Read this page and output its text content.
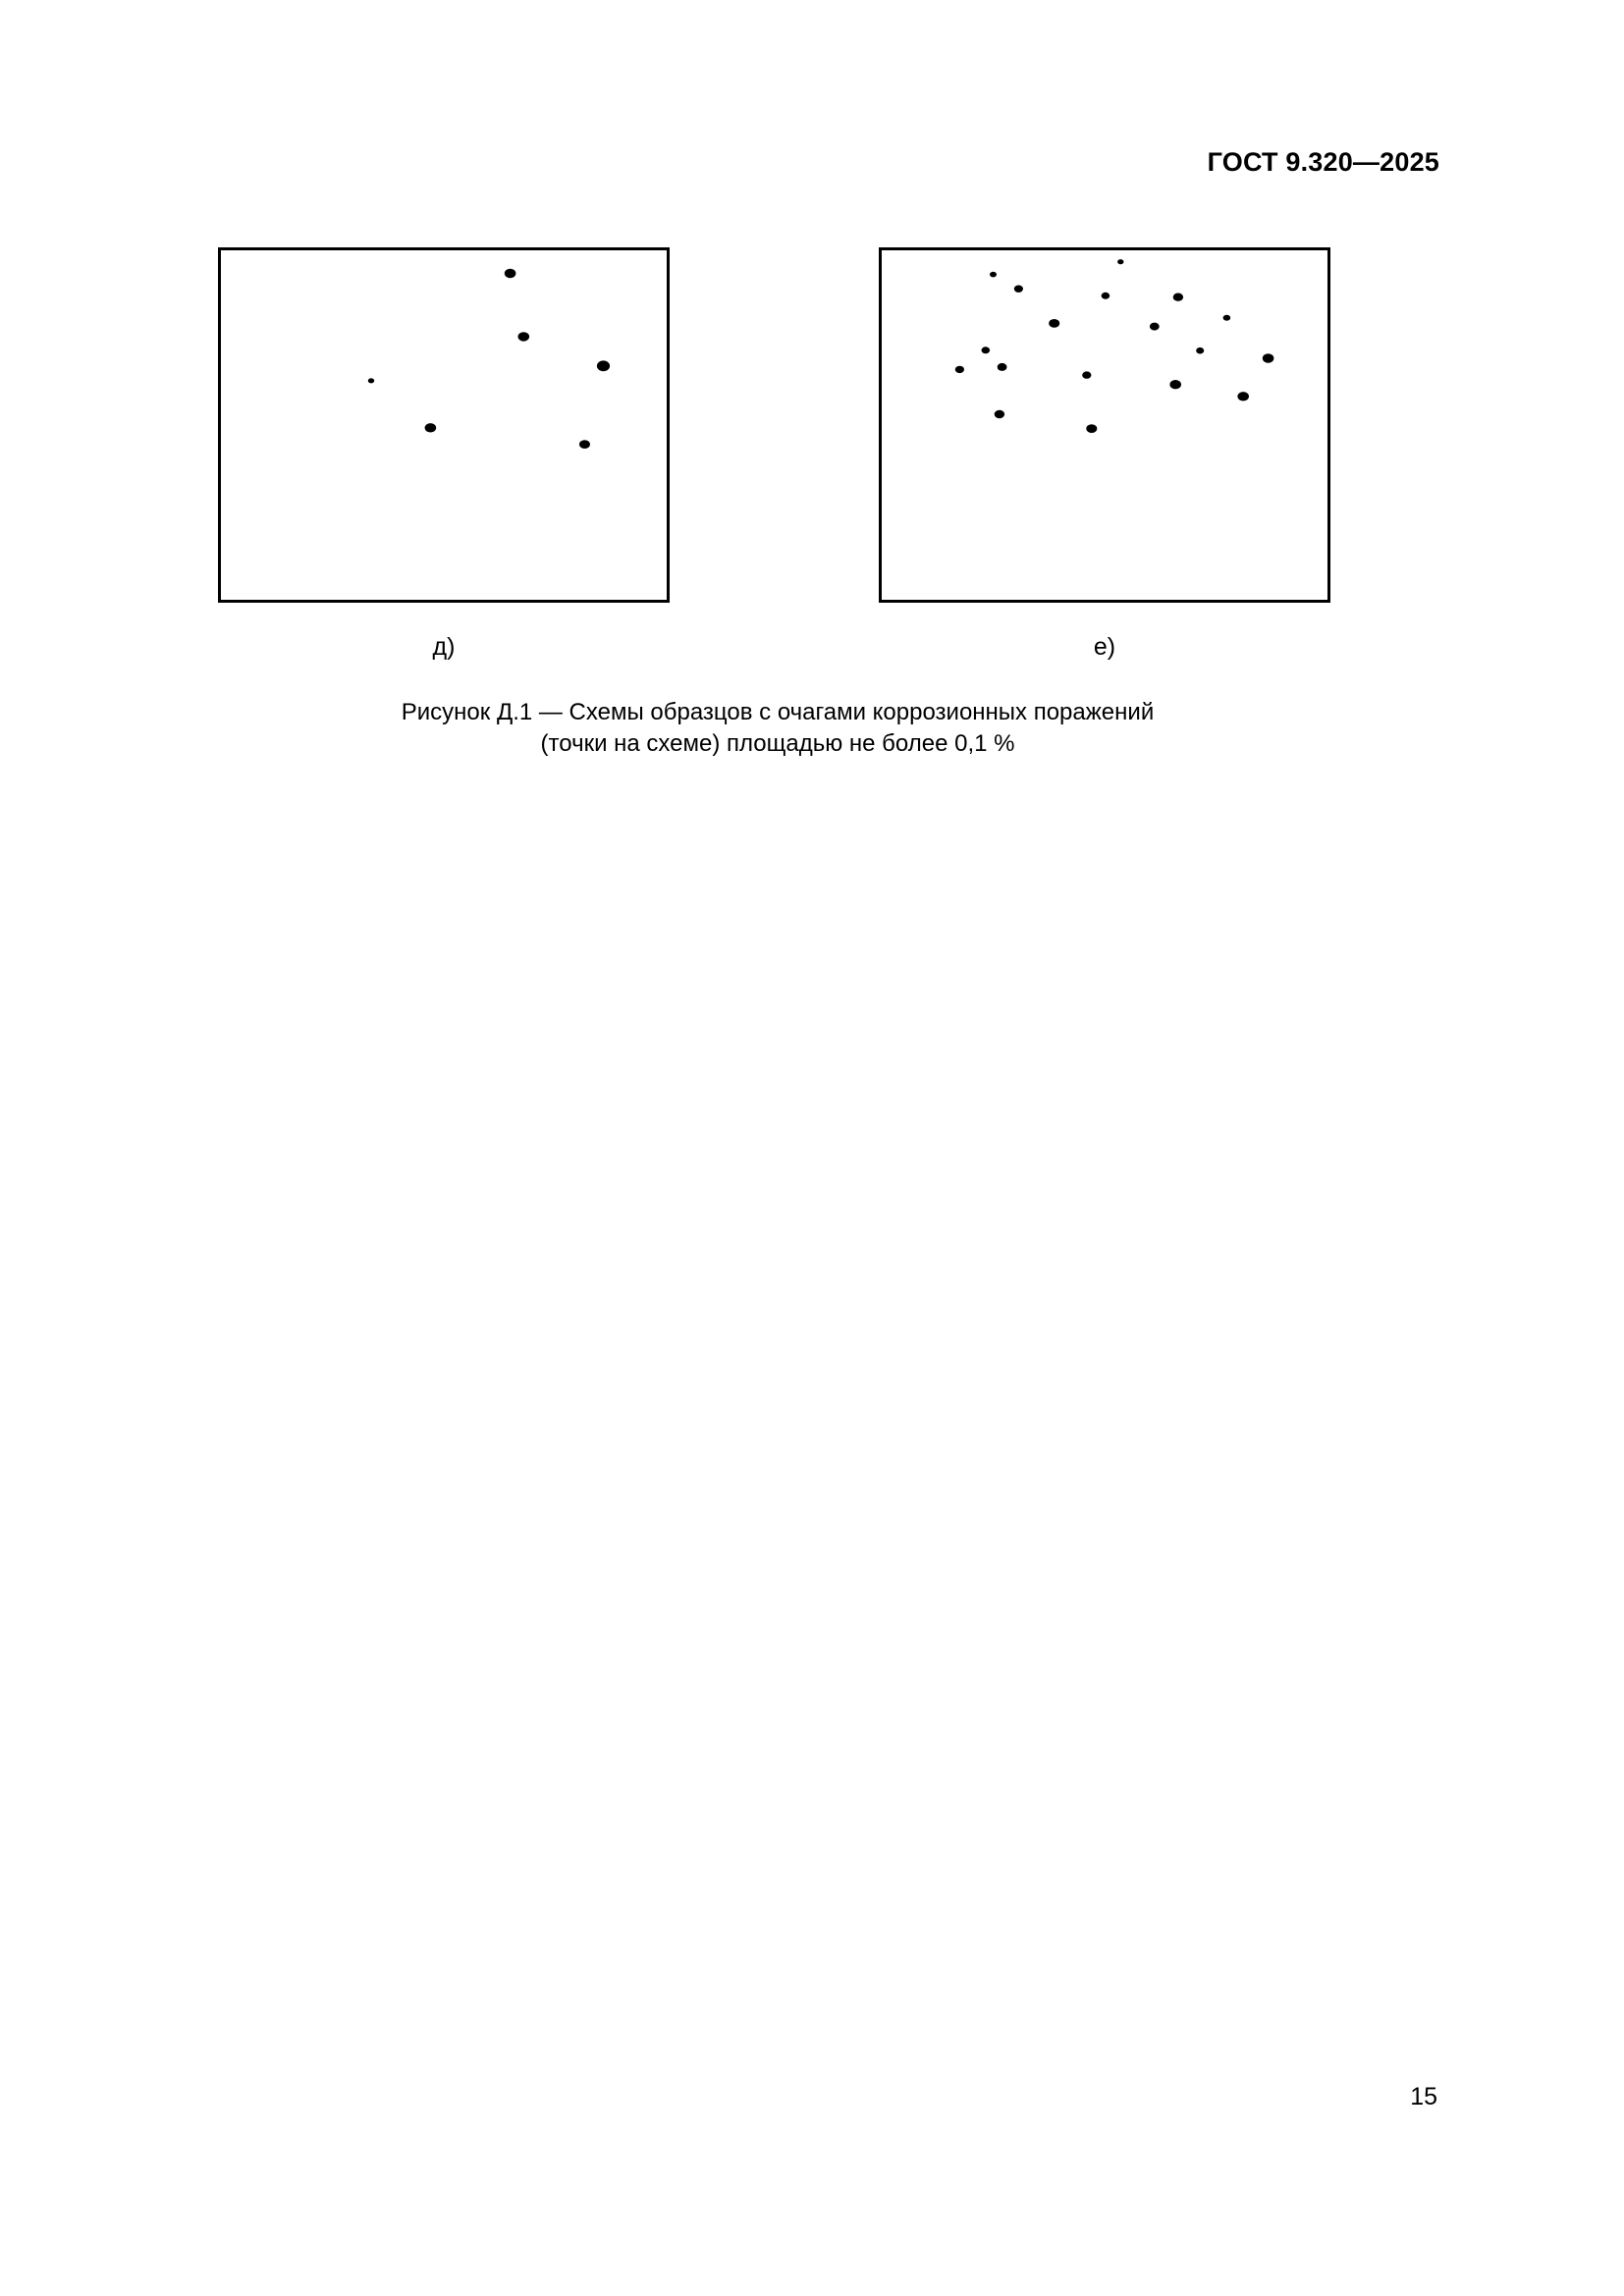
ГОСТ 9.320—2025
д)	е)
Рисунок Д.1 — Схемы образцов с очагами коррозионных поражений
(точки на схеме) площадью не более 0,1 %
15
